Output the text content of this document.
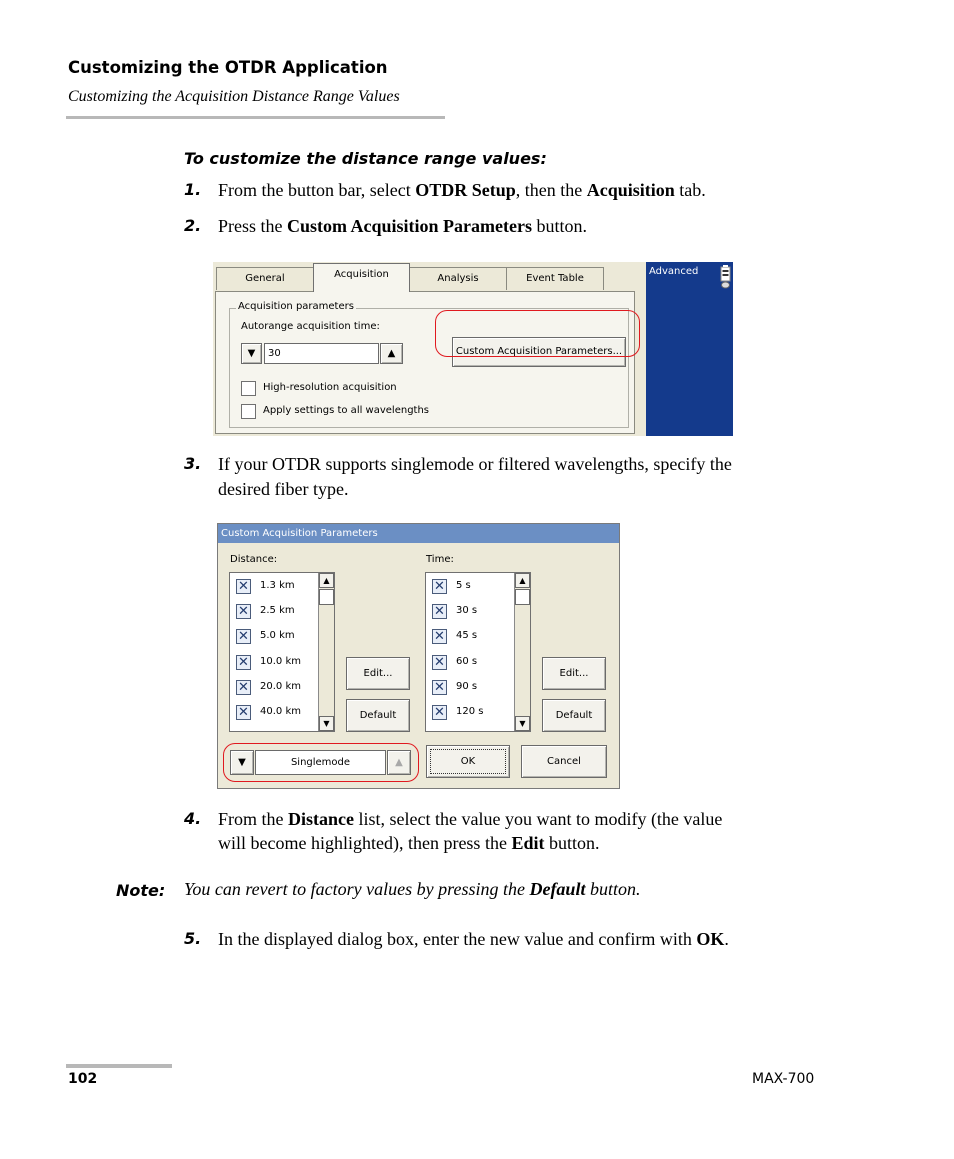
Customizing the OTDR Application
Customizing the Acquisition Distance Range Values
To customize the distance range values:
1. From the button bar, select OTDR Setup, then the Acquisition tab.
2. Press the Custom Acquisition Parameters button.
General	Acquisition	Analysis	Event Table
Acquisition parameters
Autorange acquisition time:
▼	30	▲	Custom Acquisition Parameters...
High-resolution acquisition
Apply settings to all wavelengths
Advanced
3. If your OTDR supports singlemode or filtered wavelengths, specify the
desired fiber type.
Custom Acquisition Parameters
Distance:	Time:
✕ 1.3 km
✕ 2.5 km
✕ 5.0 km
✕ 10.0 km
✕ 20.0 km
✕ 40.0 km
▲
▼
Edit...
Default
✕ 5 s
✕ 30 s
✕ 45 s
✕ 60 s
✕ 90 s
✕ 120 s
▲
▼
Edit...
Default
▼	Singlemode	▲	OK	Cancel
4. From the Distance list, select the value you want to modify (the value
will become highlighted), then press the Edit button.
Note: You can revert to factory values by pressing the Default button.
5. In the displayed dialog box, enter the new value and confirm with OK.
102	MAX-700
